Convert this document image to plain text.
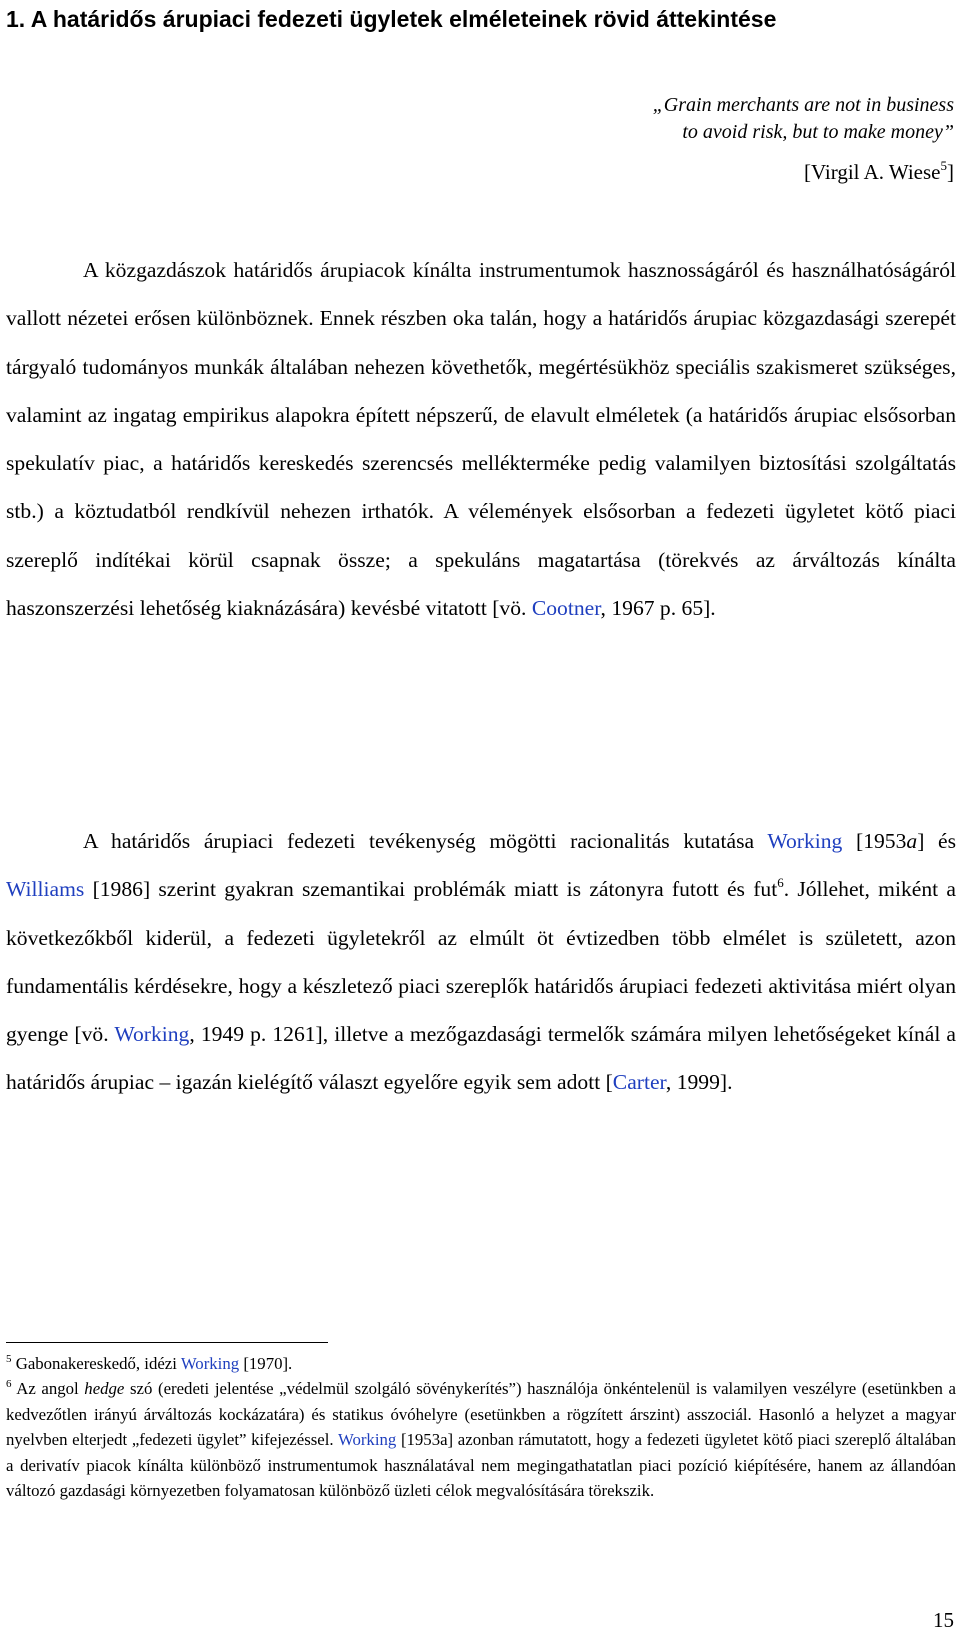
1. A határidős árupiaci fedezeti ügyletek elméleteinek rövid áttekintése
„Grain merchants are not in business
to avoid risk, but to make money”
[Virgil A. Wiese$^5$]

A közgazdászok határidős árupiacok kínálta instrumentumok hasznosságáról és használhatóságáról vallott nézetei erősen különböznek. Ennek részben oka talán, hogy a határidős árupiac közgazdasági szerepét tárgyaló tudományos munkák általában nehezen követhetők, megértésükhöz speciális szakismeret szükséges, valamint az ingatag empirikus alapokra épített népszerű, de elavult elméletek (a határidős árupiac elsősorban spekulatív piac, a határidős kereskedés szerencsés mellékterméke pedig valamilyen biztosítási szolgáltatás stb.) a köztudatból rendkívül nehezen irthatók. A vélemények elsősorban a fedezeti ügyletet kötő piaci szereplő indítékai körül csapnak össze; a spekuláns magatartása (törekvés az árváltozás kínálta haszonszerzési lehetőség kiaknázására) kevésbé vitatott [vö. Cootner, 1967 p. 65].

A határidős árupiaci fedezeti tevékenység mögötti racionalitás kutatása Working [1953a] és Williams [1986] szerint gyakran szemantikai problémák miatt is zátonyra futott és fut$^6$. Jóllehet, miként a következőkből kiderül, a fedezeti ügyletekről az elmúlt öt évtizedben több elmélet is született, azon fundamentális kérdésekre, hogy a készletező piaci szereplők határidős árupiaci fedezeti aktivitása miért olyan gyenge [vö. Working, 1949 p. 1261], illetve a mezőgazdasági termelők számára milyen lehetőségeket kínál a határidős árupiac – igazán kielégítő választ egyelőre egyik sem adott [Carter, 1999].

$^5$ Gabonakereskedő, idézi Working [1970].

$^6$ Az angol hedge szó (eredeti jelentése „védelmül szolgáló sövénykerítés”) használója önkéntelenül is valamilyen veszélyre (esetünkben a kedvezőtlen irányú árváltozás kockázatára) és statikus óvóhelyre (esetünkben a rögzített árszint) asszociál. Hasonló a helyzet a magyar nyelvben elterjedt „fedezeti ügylet” kifejezéssel. Working [1953a] azonban rámutatott, hogy a fedezeti ügyletet kötő piaci szereplő általában a derivatív piacok kínálta különböző instrumentumok használatával nem megingathatatlan piaci pozíció kiépítésére, hanem az állandóan változó gazdasági környezetben folyamatosan különböző üzleti célok megvalósítására törekszik.

15
